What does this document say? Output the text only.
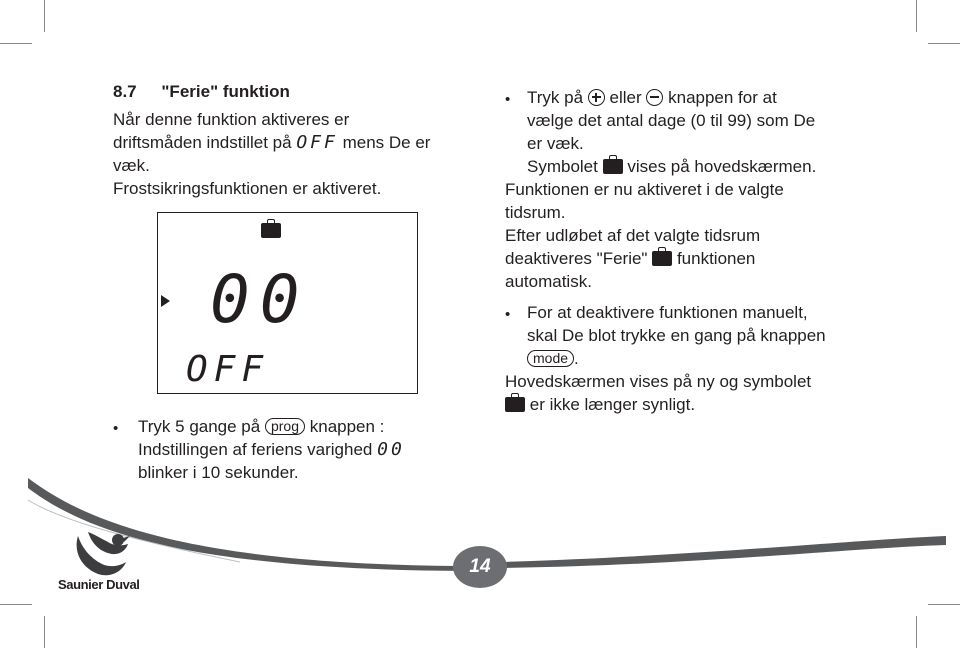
8.7 "Ferie" funktion
Når denne funktion aktiveres er
driftsmåden indstillet på OFF mens De er
væk.
Frostsikringsfunktionen er aktiveret.
00
OFF
• Tryk 5 gange på prog knappen :
Indstillingen af feriens varighed 00
blinker i 10 sekunder.
• Tryk på eller knappen for at
vælge det antal dage (0 til 99) som De
er væk.
Symbolet vises på hovedskærmen.
Funktionen er nu aktiveret i de valgte
tidsrum.
Efter udløbet af det valgte tidsrum
deaktiveres "Ferie" funktionen
automatisk.
• For at deaktivere funktionen manuelt,
skal De blot trykke en gang på knappen
mode .
Hovedskærmen vises på ny og symbolet
er ikke længer synligt.
14
Saunier Duval
